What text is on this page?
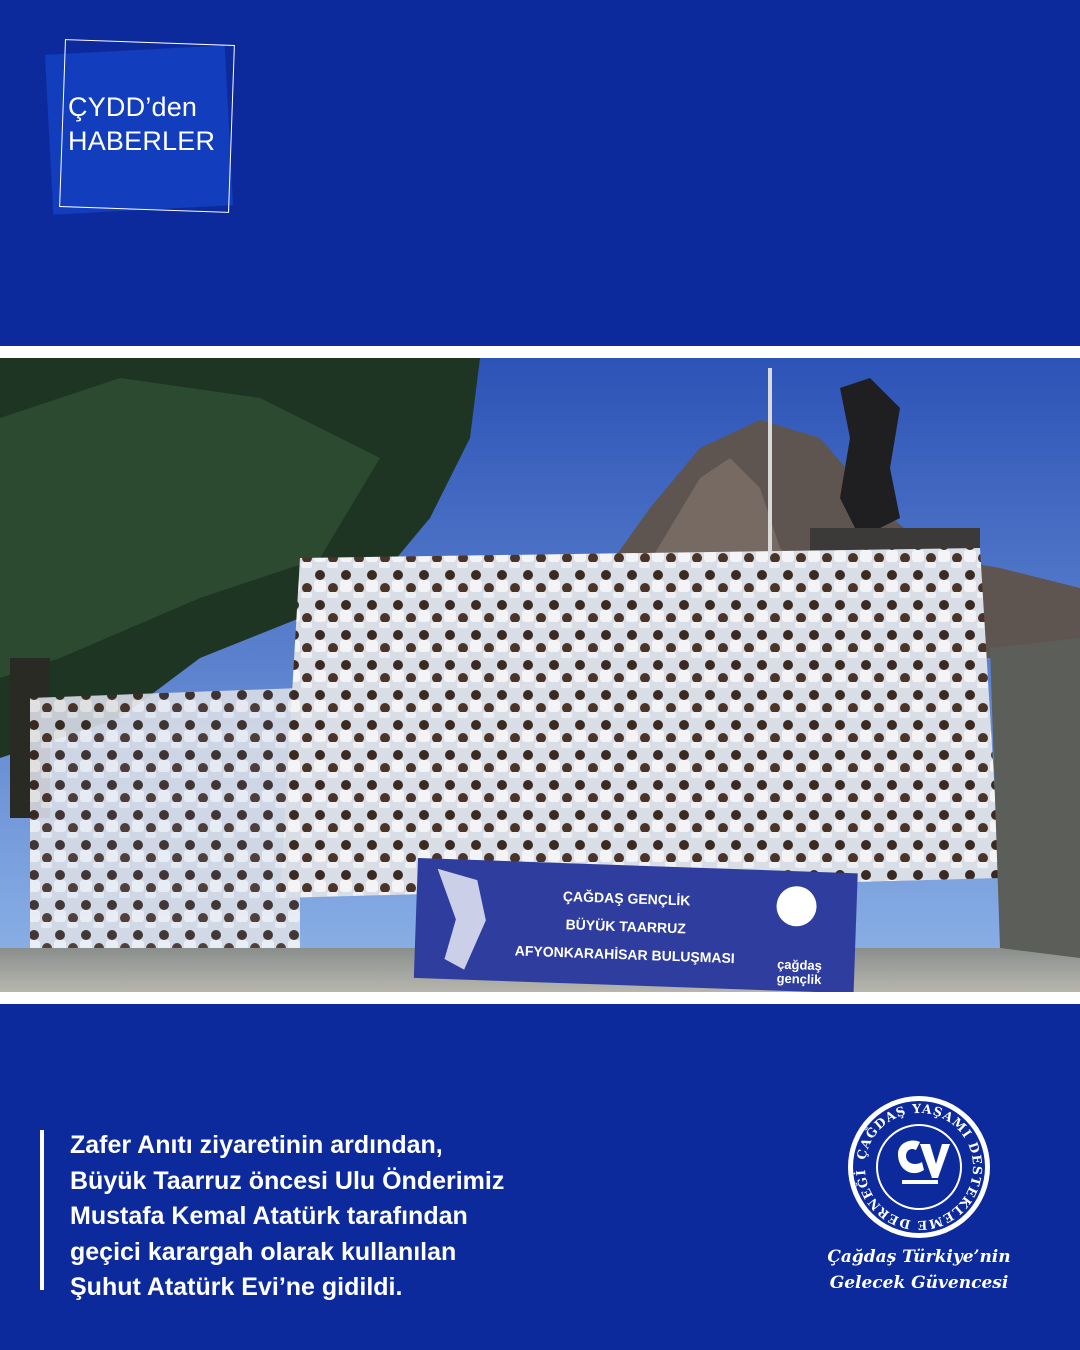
ÇYDD’den
HABERLER
ÇAĞDAŞ GENÇLİK
BÜYÜK TAARRUZ
AFYONKARAHİSAR BULUŞMASI	çağdaş
gençlik
Zafer Anıtı ziyaretinin ardından,
Büyük Taarruz öncesi Ulu Önderimiz
Mustafa Kemal Atatürk tarafından
geçici karargah olarak kullanılan
Şuhut Atatürk Evi’ne gidildi.
ÇAĞDAŞ YAŞAMI DESTEKLEME DERNEĞİ
Çağdaş Türkiye’nin
Gelecek Güvencesi
